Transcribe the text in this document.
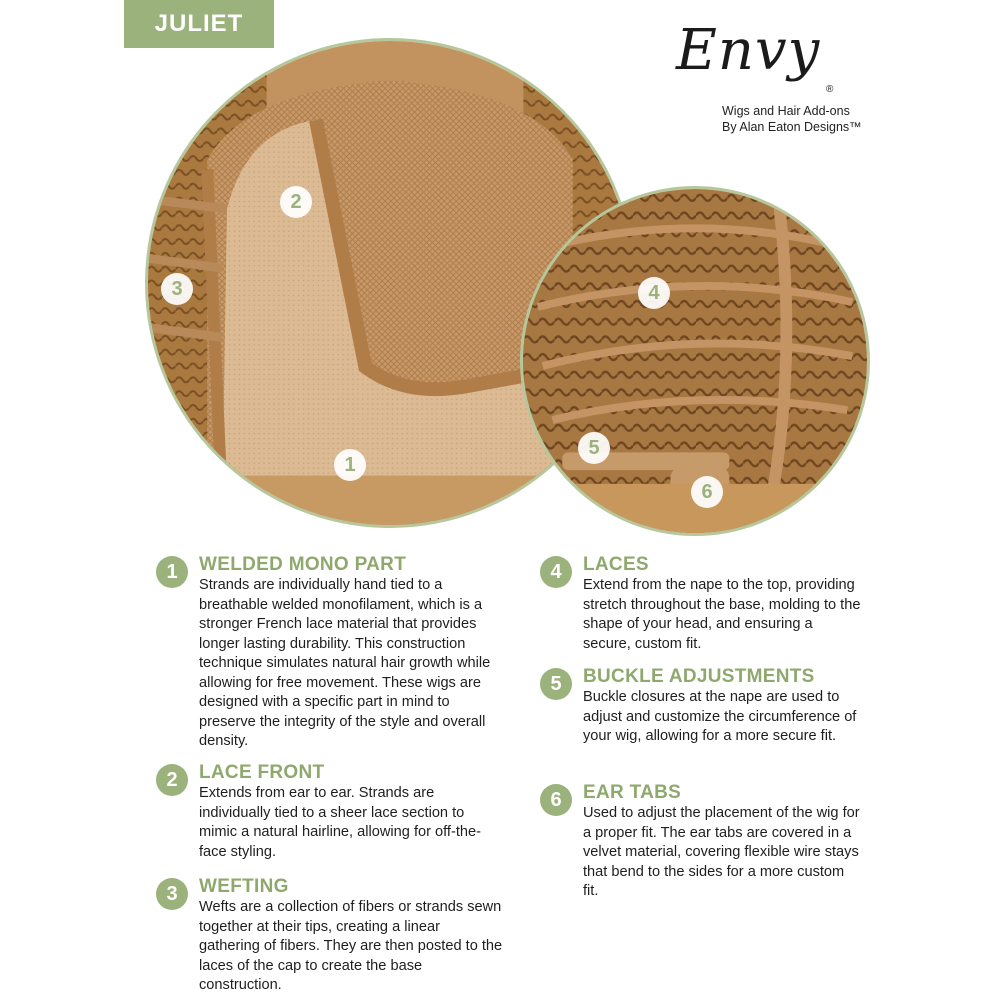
JULIET	Envy
®
Wigs and Hair Add-ons
By Alan Eaton Designs™
2
3
1
4
5
6
1	WELDED MONO PART
Strands are individually hand tied to a breathable welded monofilament, which is a stronger French lace material that provides longer lasting durability. This construction technique simulates natural hair growth while allowing for free movement. These wigs are designed with a specific part in mind to preserve the integrity of the style and overall density.
2	LACE FRONT
Extends from ear to ear. Strands are individually tied to a sheer lace section to mimic a natural hairline, allowing for off-the-face styling.
3	WEFTING
Wefts are a collection of fibers or strands sewn together at their tips, creating a linear gathering of fibers. They are then posted to the laces of the cap to create the base construction.
4	LACES
Extend from the nape to the top, providing stretch throughout the base, molding to the shape of your head, and ensuring a secure, custom fit.
5	BUCKLE ADJUSTMENTS
Buckle closures at the nape are used to adjust and customize the circumference of your wig, allowing for a more secure fit.
6	EAR TABS
Used to adjust the placement of the wig for a proper fit. The ear tabs are covered in a velvet material, covering flexible wire stays that bend to the sides for a more custom fit.
